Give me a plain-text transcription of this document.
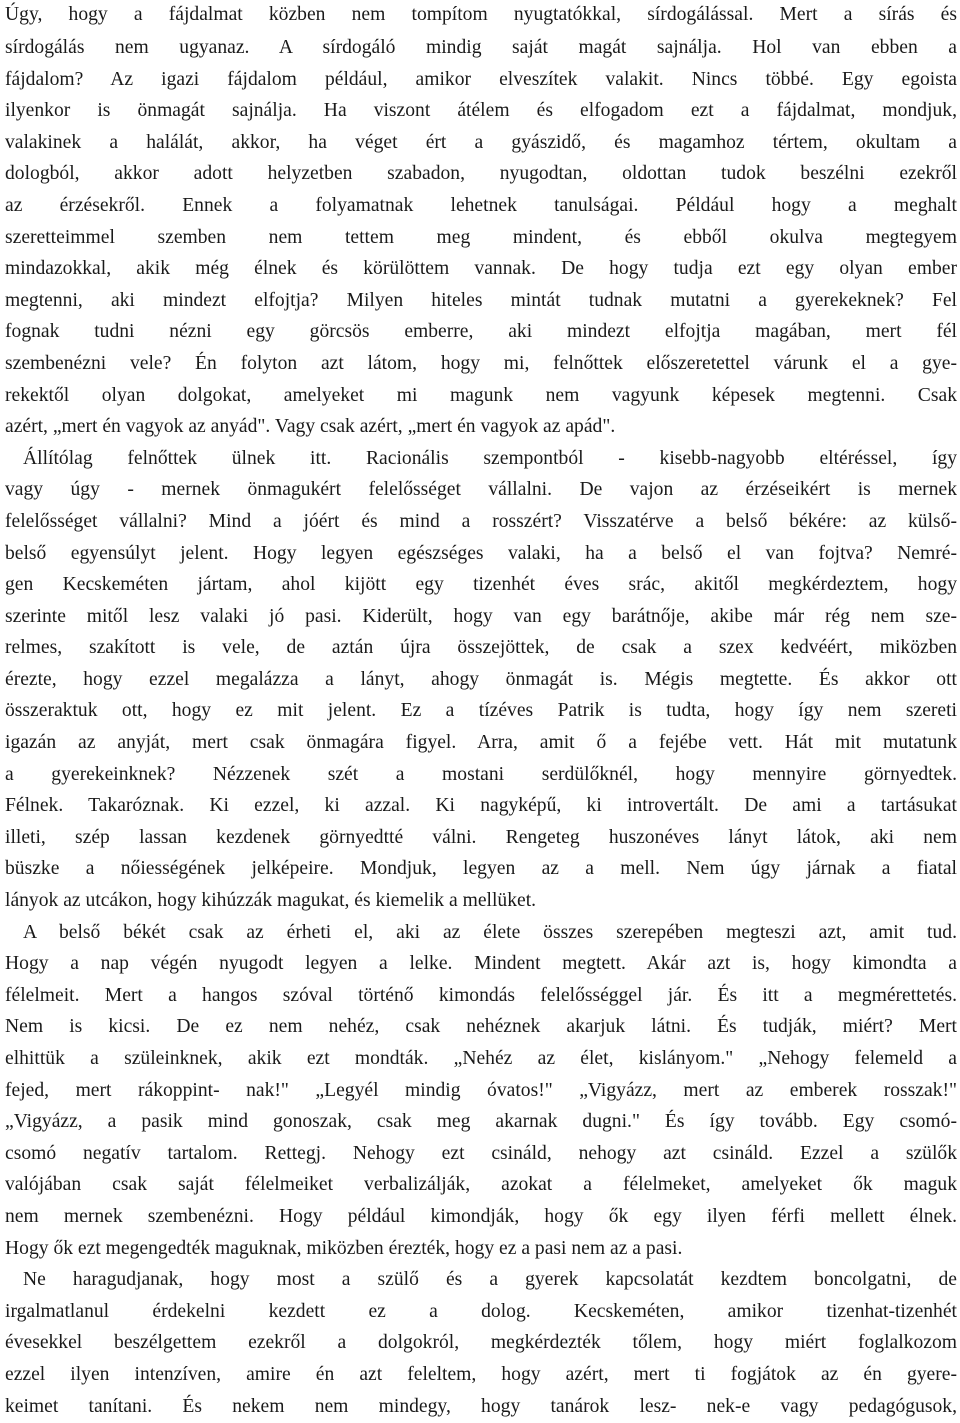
Úgy, hogy a fájdalmat közben nem tompítom nyugtatókkal, sírdogálással. Mert a sírás és
sírdogálás nem ugyanaz. A sírdogáló mindig saját magát sajnálja. Hol van ebben a
fájdalom? Az igazi fájdalom például, amikor elveszítek valakit. Nincs többé. Egy egoista
ilyenkor is önmagát sajnálja. Ha viszont átélem és elfogadom ezt a fájdalmat, mondjuk,
valakinek a halálát, akkor, ha véget ért a gyászidő, és magamhoz tértem, okultam a
dologból, akkor adott helyzetben szabadon, nyugodtan, oldottan tudok beszélni ezekről
az érzésekről. Ennek a folyamatnak lehetnek tanulságai. Például hogy a meghalt
szeretteimmel szemben nem tettem meg mindent, és ebből okulva megtegyem
mindazokkal, akik még élnek és körülöttem vannak. De hogy tudja ezt egy olyan ember
megtenni, aki mindezt elfojtja? Milyen hiteles mintát tudnak mutatni a gyerekeknek? Fel
fognak tudni nézni egy görcsös emberre, aki mindezt elfojtja magában, mert fél
szembenézni vele? Én folyton azt látom, hogy mi, felnőttek előszeretettel várunk el a gye-
rekektől olyan dolgokat, amelyeket mi magunk nem vagyunk képesek megtenni. Csak
azért, „mert én vagyok az anyád". Vagy csak azért, „mert én vagyok az apád".
Állítólag felnőttek ülnek itt. Racionális szempontból - kisebb-nagyobb eltéréssel, így
vagy úgy - mernek önmagukért felelősséget vállalni. De vajon az érzéseikért is mernek
felelősséget vállalni? Mind a jóért és mind a rosszért? Visszatérve a belső békére: az külső-
belső egyensúlyt jelent. Hogy legyen egészséges valaki, ha a belső el van fojtva? Nemré-
gen Kecskeméten jártam, ahol kijött egy tizenhét éves srác, akitől megkérdeztem, hogy
szerinte mitől lesz valaki jó pasi. Kiderült, hogy van egy barátnője, akibe már rég nem sze-
relmes, szakított is vele, de aztán újra összejöttek, de csak a szex kedvéért, miközben
érezte, hogy ezzel megalázza a lányt, ahogy önmagát is. Mégis megtette. És akkor ott
összeraktuk ott, hogy ez mit jelent. Ez a tízéves Patrik is tudta, hogy így nem szereti
igazán az anyját, mert csak önmagára figyel. Arra, amit ő a fejébe vett. Hát mit mutatunk
a gyerekeinknek? Nézzenek szét a mostani serdülőknél, hogy mennyire görnyedtek.
Félnek. Takaróznak. Ki ezzel, ki azzal. Ki nagyképű, ki introvertált. De ami a tartásukat
illeti, szép lassan kezdenek görnyedtté válni. Rengeteg huszonéves lányt látok, aki nem
büszke a nőiességének jelképeire. Mondjuk, legyen az a mell. Nem úgy járnak a fiatal
lányok az utcákon, hogy kihúzzák magukat, és kiemelik a mellüket.
A belső békét csak az érheti el, aki az élete összes szerepében megteszi azt, amit tud.
Hogy a nap végén nyugodt legyen a lelke. Mindent megtett. Akár azt is, hogy kimondta a
félelmeit. Mert a hangos szóval történő kimondás felelősséggel jár. És itt a megmérettetés.
Nem is kicsi. De ez nem nehéz, csak nehéznek akarjuk látni. És tudják, miért? Mert
elhittük a szüleinknek, akik ezt mondták. „Nehéz az élet, kislányom." „Nehogy felemeld a
fejed, mert rákoppint- nak!" „Legyél mindig óvatos!" „Vigyázz, mert az emberek rosszak!"
„Vigyázz, a pasik mind gonoszak, csak meg akarnak dugni." És így tovább. Egy csomó-
csomó negatív tartalom. Rettegj. Nehogy ezt csináld, nehogy azt csináld. Ezzel a szülők
valójában csak saját félelmeiket verbalizálják, azokat a félelmeket, amelyeket ők maguk
nem mernek szembenézni. Hogy például kimondják, hogy ők egy ilyen férfi mellett élnek.
Hogy ők ezt megengedték maguknak, miközben érezték, hogy ez a pasi nem az a pasi.
Ne haragudjanak, hogy most a szülő és a gyerek kapcsolatát kezdtem boncolgatni, de
irgalmatlanul érdekelni kezdett ez a dolog. Kecskeméten, amikor tizenhat-tizenhét
évesekkel beszélgettem ezekről a dolgokról, megkérdezték tőlem, hogy miért foglalkozom
ezzel ilyen intenzíven, amire én azt feleltem, hogy azért, mert ti fogjátok az én gyere-
keimet tanítani. És nekem nem mindegy, hogy tanárok lesz- nek-e vagy pedagógusok,
